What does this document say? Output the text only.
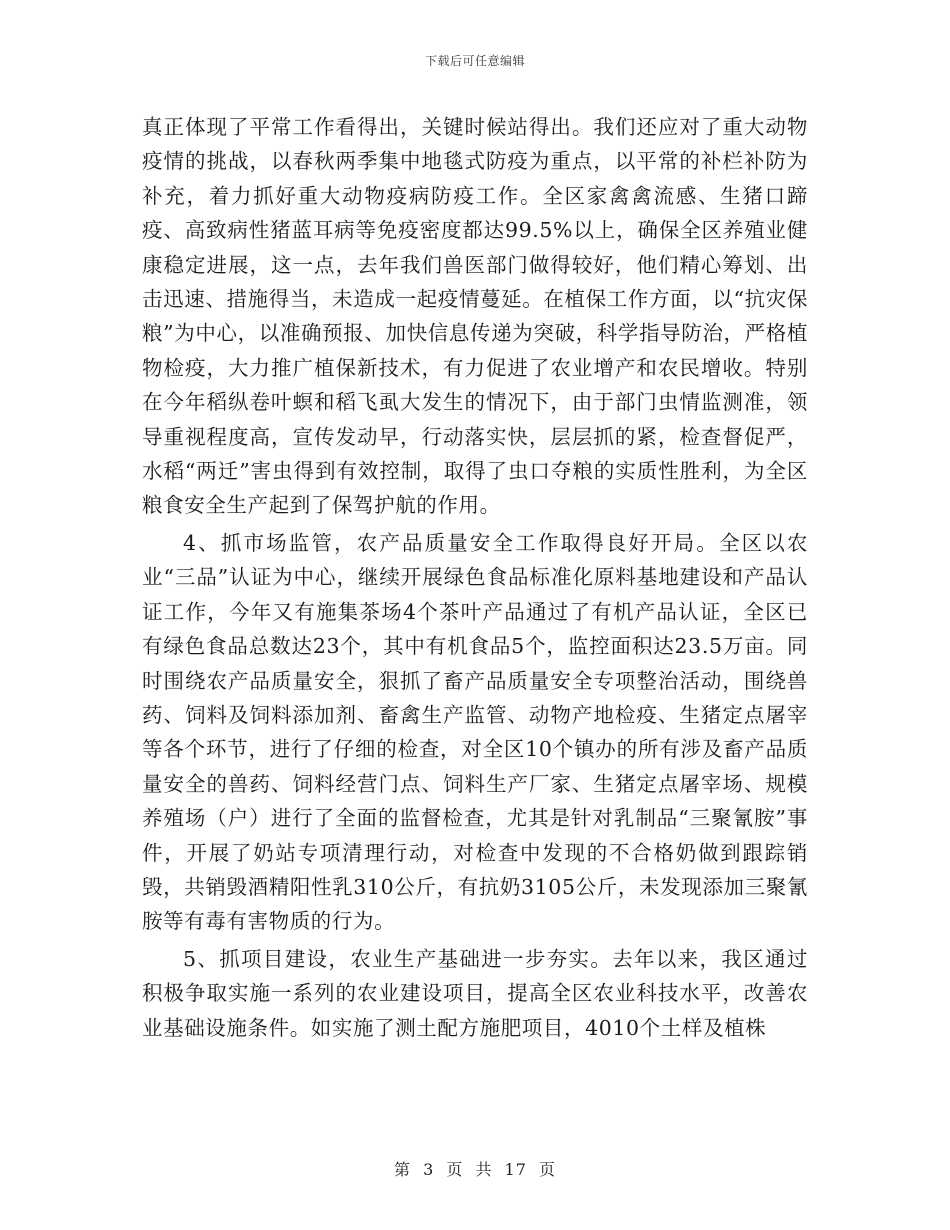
下载后可任意编辑

真正体现了平常工作看得出，关键时候站得出。我们还应对了重大动物疫情的挑战，以春秋两季集中地毯式防疫为重点，以平常的补栏补防为补充，着力抓好重大动物疫病防疫工作。全区家禽禽流感、生猪口蹄疫、高致病性猪蓝耳病等免疫密度都达99.5%以上，确保全区养殖业健康稳定进展，这一点，去年我们兽医部门做得较好，他们精心筹划、出击迅速、措施得当，未造成一起疫情蔓延。在植保工作方面，以“抗灾保粮”为中心，以准确预报、加快信息传递为突破，科学指导防治，严格植物检疫，大力推广植保新技术，有力促进了农业增产和农民增收。特别在今年稻纵卷叶螟和稻飞虱大发生的情况下，由于部门虫情监测准，领导重视程度高，宣传发动早，行动落实快，层层抓的紧，检查督促严，水稻“两迁”害虫得到有效控制，取得了虫口夺粮的实质性胜利，为全区粮食安全生产起到了保驾护航的作用。

4、抓市场监管，农产品质量安全工作取得良好开局。全区以农业“三品”认证为中心，继续开展绿色食品标准化原料基地建设和产品认证工作，今年又有施集茶场4个茶叶产品通过了有机产品认证，全区已有绿色食品总数达23个，其中有机食品5个，监控面积达23.5万亩。同时围绕农产品质量安全，狠抓了畜产品质量安全专项整治活动，围绕兽药、饲料及饲料添加剂、畜禽生产监管、动物产地检疫、生猪定点屠宰等各个环节，进行了仔细的检查，对全区10个镇办的所有涉及畜产品质量安全的兽药、饲料经营门点、饲料生产厂家、生猪定点屠宰场、规模养殖场（户）进行了全面的监督检查，尤其是针对乳制品“三聚氰胺”事件，开展了奶站专项清理行动，对检查中发现的不合格奶做到跟踪销毁，共销毁酒精阳性乳310公斤，有抗奶3105公斤，未发现添加三聚氰胺等有毒有害物质的行为。

5、抓项目建设，农业生产基础进一步夯实。去年以来，我区通过积极争取实施一系列的农业建设项目，提高全区农业科技水平，改善农业基础设施条件。如实施了测土配方施肥项目，4010个土样及植株

第 3 页 共 17 页
